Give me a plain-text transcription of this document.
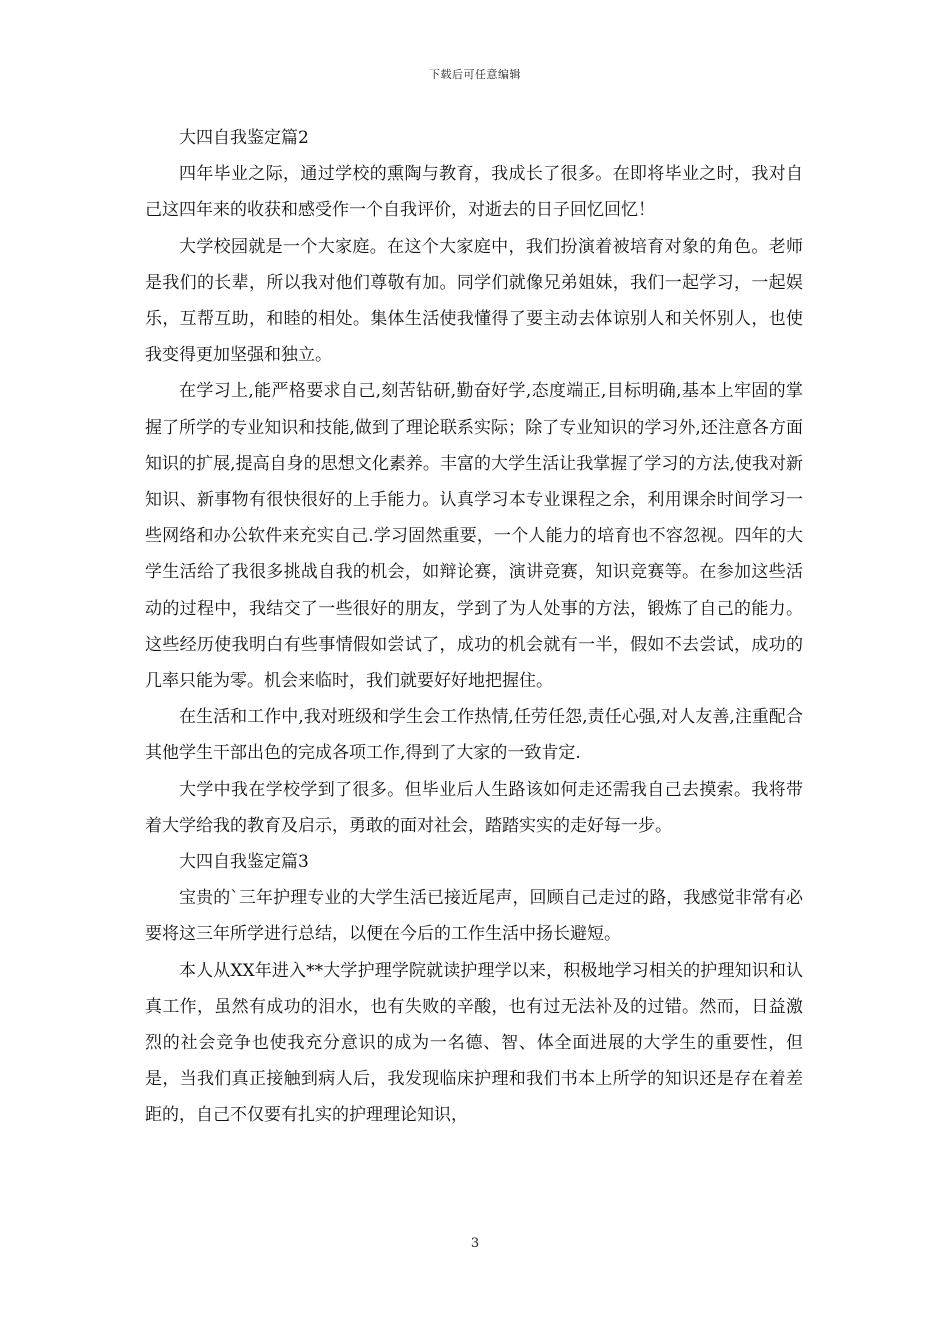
下载后可任意编辑

大四自我鉴定篇2

四年毕业之际，通过学校的熏陶与教育，我成长了很多。在即将毕业之时，我对自己这四年来的收获和感受作一个自我评价，对逝去的日子回忆回忆！

大学校园就是一个大家庭。在这个大家庭中，我们扮演着被培育对象的角色。老师是我们的长辈，所以我对他们尊敬有加。同学们就像兄弟姐妹，我们一起学习，一起娱乐，互帮互助，和睦的相处。集体生活使我懂得了要主动去体谅别人和关怀别人，也使我变得更加坚强和独立。

在学习上,能严格要求自己,刻苦钻研,勤奋好学,态度端正,目标明确,基本上牢固的掌握了所学的专业知识和技能,做到了理论联系实际；除了专业知识的学习外,还注意各方面知识的扩展,提高自身的思想文化素养。丰富的大学生活让我掌握了学习的方法,使我对新知识、新事物有很快很好的上手能力。认真学习本专业课程之余，利用课余时间学习一些网络和办公软件来充实自己.学习固然重要，一个人能力的培育也不容忽视。四年的大学生活给了我很多挑战自我的机会，如辩论赛，演讲竞赛，知识竞赛等。在参加这些活动的过程中，我结交了一些很好的朋友，学到了为人处事的方法，锻炼了自己的能力。这些经历使我明白有些事情假如尝试了，成功的机会就有一半，假如不去尝试，成功的几率只能为零。机会来临时，我们就要好好地把握住。

在生活和工作中,我对班级和学生会工作热情,任劳任怨,责任心强,对人友善,注重配合其他学生干部出色的完成各项工作,得到了大家的一致肯定.

大学中我在学校学到了很多。但毕业后人生路该如何走还需我自己去摸索。我将带着大学给我的教育及启示，勇敢的面对社会，踏踏实实的走好每一步。

大四自我鉴定篇3

宝贵的`三年护理专业的大学生活已接近尾声，回顾自己走过的路，我感觉非常有必要将这三年所学进行总结，以便在今后的工作生活中扬长避短。

本人从XX年进入**大学护理学院就读护理学以来，积极地学习相关的护理知识和认真工作，虽然有成功的泪水，也有失败的辛酸，也有过无法补及的过错。然而，日益激烈的社会竞争也使我充分意识的成为一名德、智、体全面进展的大学生的重要性，但是，当我们真正接触到病人后，我发现临床护理和我们书本上所学的知识还是存在着差距的，自己不仅要有扎实的护理理论知识，

3
